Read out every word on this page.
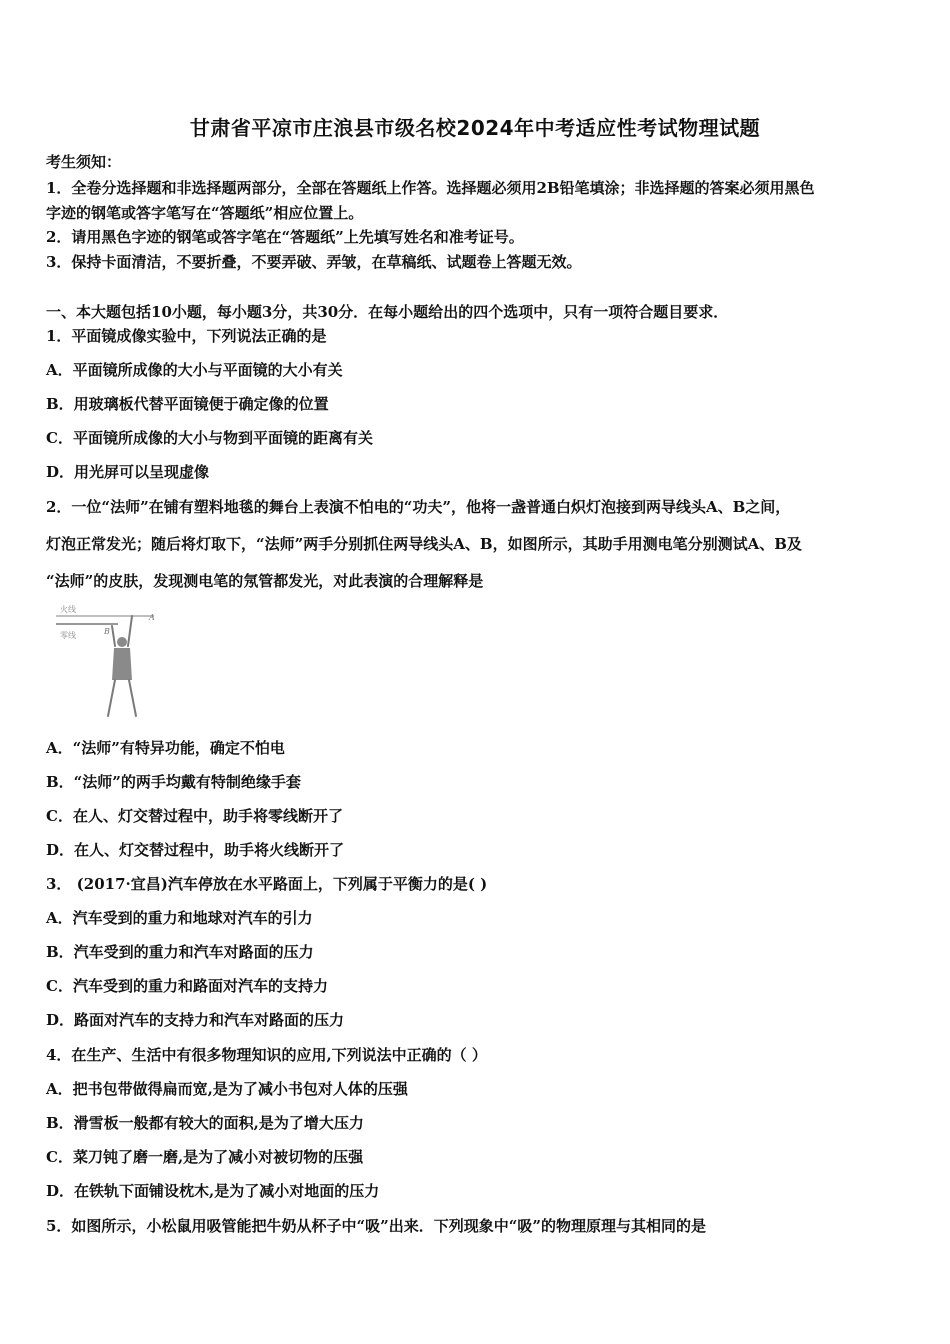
甘肃省平凉市庄浪县市级名校2024年中考适应性考试物理试题
考生须知：
1．全卷分选择题和非选择题两部分，全部在答题纸上作答。选择题必须用2B铅笔填涂；非选择题的答案必须用黑色
字迹的钢笔或答字笔写在“答题纸”相应位置上。
2．请用黑色字迹的钢笔或答字笔在“答题纸”上先填写姓名和准考证号。
3．保持卡面清洁，不要折叠，不要弄破、弄皱，在草稿纸、试题卷上答题无效。
一、本大题包括10小题，每小题3分，共30分．在每小题给出的四个选项中，只有一项符合题目要求．
1．平面镜成像实验中，下列说法正确的是
A．平面镜所成像的大小与平面镜的大小有关
B．用玻璃板代替平面镜便于确定像的位置
C．平面镜所成像的大小与物到平面镜的距离有关
D．用光屏可以呈现虚像
2．一位“法师”在铺有塑料地毯的舞台上表演不怕电的“功夫”，他将一盏普通白炽灯泡接到两导线头A、B之间，
灯泡正常发光；随后将灯取下，“法师”两手分别抓住两导线头A、B，如图所示，其助手用测电笔分别测试A、B及
“法师”的皮肤，发现测电笔的氖管都发光，对此表演的合理解释是
火线
零线
A
B
A．“法师”有特异功能，确定不怕电
B．“法师”的两手均戴有特制绝缘手套
C．在人、灯交替过程中，助手将零线断开了
D．在人、灯交替过程中，助手将火线断开了
3． (2017·宜昌)汽车停放在水平路面上，下列属于平衡力的是( )
A．汽车受到的重力和地球对汽车的引力
B．汽车受到的重力和汽车对路面的压力
C．汽车受到的重力和路面对汽车的支持力
D．路面对汽车的支持力和汽车对路面的压力
4．在生产、生活中有很多物理知识的应用,下列说法中正确的（ ）
A．把书包带做得扁而宽,是为了减小书包对人体的压强
B．滑雪板一般都有较大的面积,是为了增大压力
C．菜刀钝了磨一磨,是为了减小对被切物的压强
D．在铁轨下面铺设枕木,是为了减小对地面的压力
5．如图所示，小松鼠用吸管能把牛奶从杯子中“吸”出来．下列现象中“吸”的物理原理与其相同的是
